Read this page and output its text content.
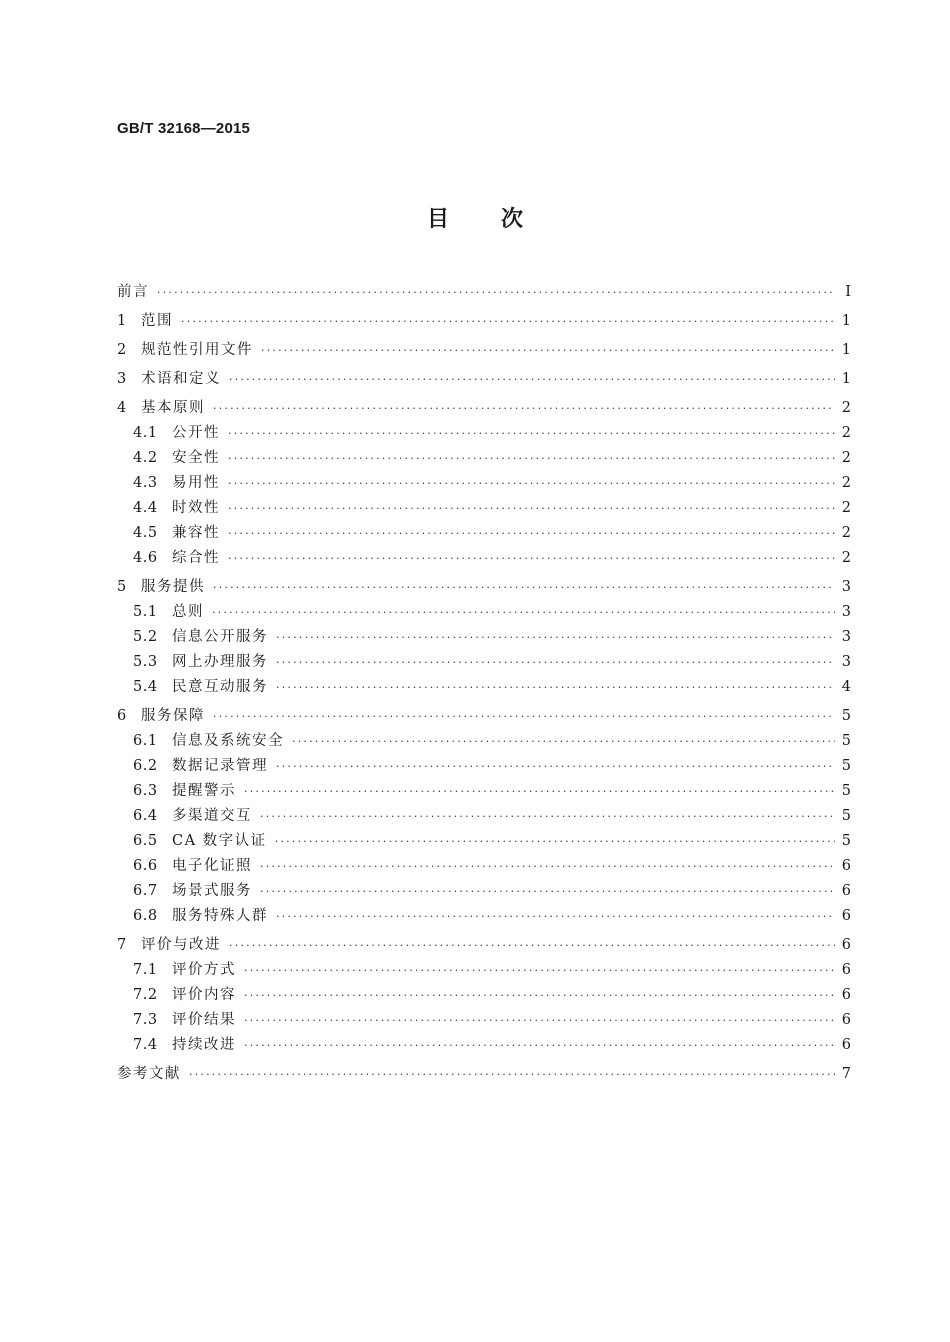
GB/T 32168—2015
目 次
前言 ·····	I
1 范围 ·····	1
2 规范性引用文件 ·····	1
3 术语和定义 ·····	1
4 基本原则 ·····	2
4.1 公开性 ·····	2
4.2 安全性 ·····	2
4.3 易用性 ·····	2
4.4 时效性 ·····	2
4.5 兼容性 ·····	2
4.6 综合性 ·····	2
5 服务提供 ·····	3
5.1 总则 ·····	3
5.2 信息公开服务 ·····	3
5.3 网上办理服务 ·····	3
5.4 民意互动服务 ·····	4
6 服务保障 ·····	5
6.1 信息及系统安全 ·····	5
6.2 数据记录管理 ·····	5
6.3 提醒警示 ·····	5
6.4 多渠道交互 ·····	5
6.5 CA 数字认证 ·····	5
6.6 电子化证照 ·····	6
6.7 场景式服务 ·····	6
6.8 服务特殊人群 ·····	6
7 评价与改进 ·····	6
7.1 评价方式 ·····	6
7.2 评价内容 ·····	6
7.3 评价结果 ·····	6
7.4 持续改进 ·····	6
参考文献 ·····	7
